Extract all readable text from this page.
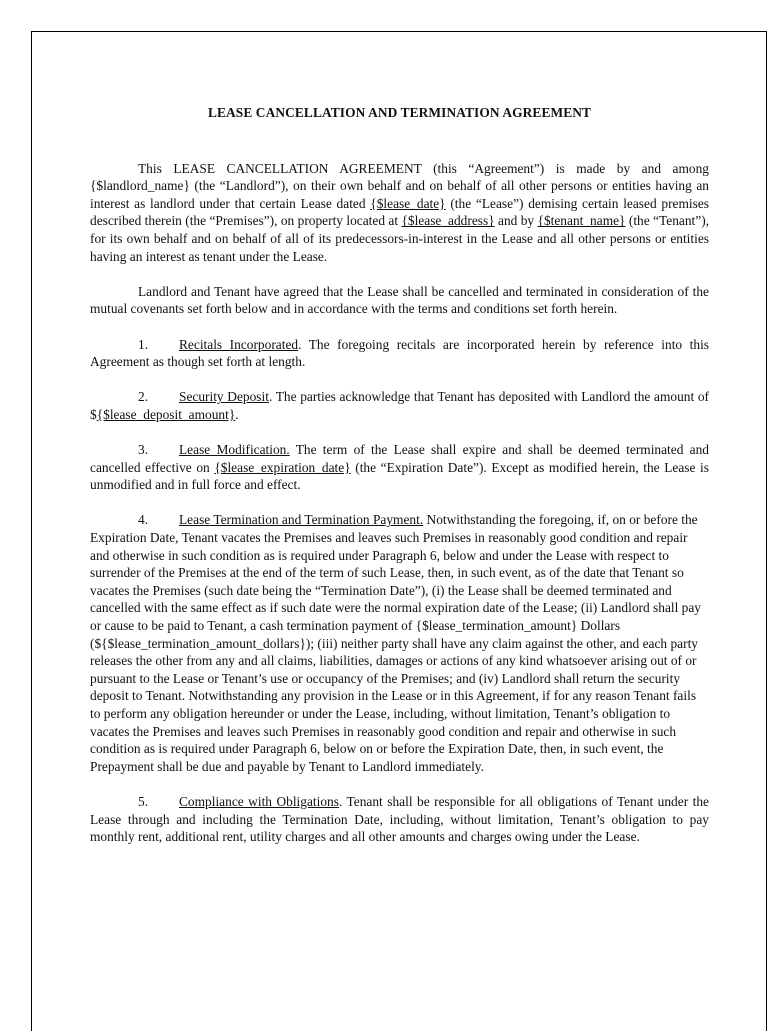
LEASE CANCELLATION AND TERMINATION AGREEMENT

This LEASE CANCELLATION AGREEMENT (this “Agreement”) is made by and among {$landlord_name} (the “Landlord”), on their own behalf and on behalf of all other persons or entities having an interest as landlord under that certain Lease dated {$lease_date} (the “Lease”) demising certain leased premises described therein (the “Premises”), on property located at {$lease_address} and by {$tenant_name} (the “Tenant”), for its own behalf and on behalf of all of its predecessors-in-interest in the Lease and all other persons or entities having an interest as tenant under the Lease.

Landlord and Tenant have agreed that the Lease shall be cancelled and terminated in consideration of the mutual covenants set forth below and in accordance with the terms and conditions set forth herein.

1. Recitals Incorporated. The foregoing recitals are incorporated herein by reference into this Agreement as though set forth at length.

2. Security Deposit. The parties acknowledge that Tenant has deposited with Landlord the amount of ${$lease_deposit_amount}.

3. Lease Modification. The term of the Lease shall expire and shall be deemed terminated and cancelled effective on {$lease_expiration_date} (the “Expiration Date”). Except as modified herein, the Lease is unmodified and in full force and effect.

4. Lease Termination and Termination Payment. Notwithstanding the foregoing, if, on or before the Expiration Date, Tenant vacates the Premises and leaves such Premises in reasonably good condition and repair and otherwise in such condition as is required under Paragraph 6, below and under the Lease with respect to surrender of the Premises at the end of the term of such Lease, then, in such event, as of the date that Tenant so vacates the Premises (such date being the “Termination Date”), (i) the Lease shall be deemed terminated and cancelled with the same effect as if such date were the normal expiration date of the Lease; (ii) Landlord shall pay or cause to be paid to Tenant, a cash termination payment of {$lease_termination_amount} Dollars (${$lease_termination_amount_dollars}); (iii) neither party shall have any claim against the other, and each party releases the other from any and all claims, liabilities, damages or actions of any kind whatsoever arising out of or pursuant to the Lease or Tenant’s use or occupancy of the Premises; and (iv) Landlord shall return the security deposit to Tenant. Notwithstanding any provision in the Lease or in this Agreement, if for any reason Tenant fails to perform any obligation hereunder or under the Lease, including, without limitation, Tenant’s obligation to vacates the Premises and leaves such Premises in reasonably good condition and repair and otherwise in such condition as is required under Paragraph 6, below on or before the Expiration Date, then, in such event, the Prepayment shall be due and payable by Tenant to Landlord immediately.

5. Compliance with Obligations. Tenant shall be responsible for all obligations of Tenant under the Lease through and including the Termination Date, including, without limitation, Tenant’s obligation to pay monthly rent, additional rent, utility charges and all other amounts and charges owing under the Lease.
